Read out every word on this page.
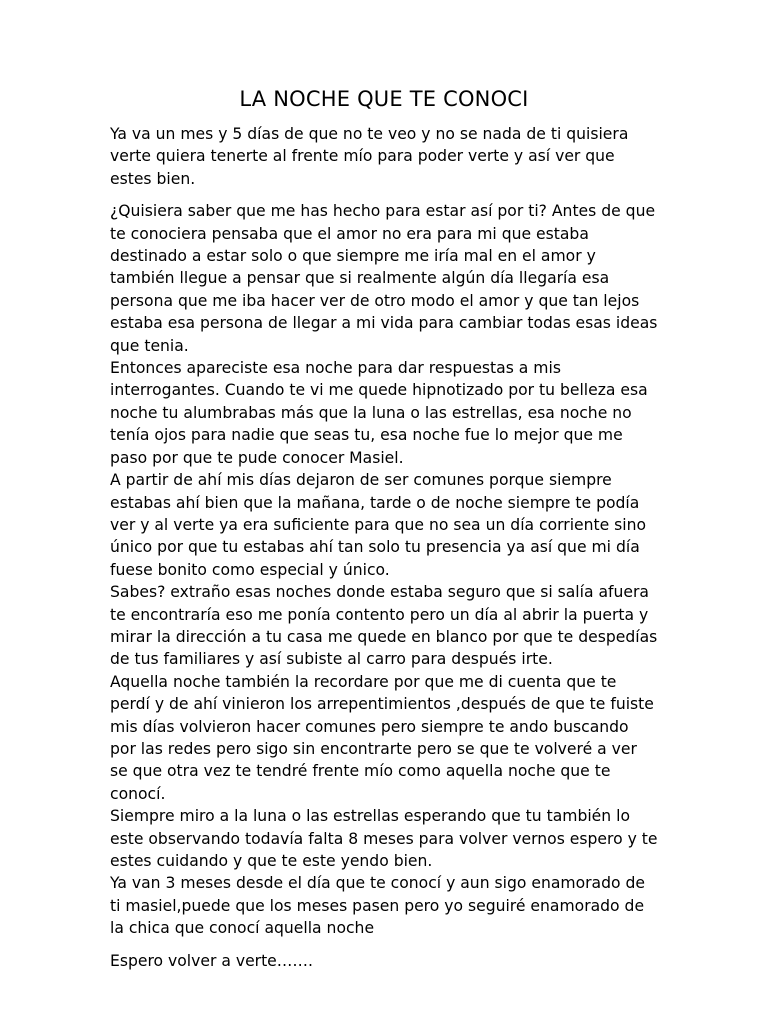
LA NOCHE QUE TE CONOCI

Ya va un mes y 5 días de que no te veo y no se nada de ti quisiera verte quiera tenerte al frente mío para poder verte y así ver que estes bien.

¿Quisiera saber que me has hecho para estar así por ti? Antes de que te conociera pensaba que el amor no era para mi que estaba destinado a estar solo o que siempre me iría mal en el amor y también llegue a pensar que si realmente algún día llegaría esa persona que me iba hacer ver de otro modo el amor y que tan lejos estaba esa persona de llegar a mi vida para cambiar todas esas ideas que tenia.

Entonces apareciste esa noche para dar respuestas a mis interrogantes. Cuando te vi me quede hipnotizado por tu belleza esa noche tu alumbrabas más que la luna o las estrellas, esa noche no tenía ojos para nadie que seas tu, esa noche fue lo mejor que me paso por que te pude conocer Masiel.

A partir de ahí mis días dejaron de ser comunes porque siempre estabas ahí bien que la mañana, tarde o de noche siempre te podía ver y al verte ya era suficiente para que no sea un día corriente sino único por que tu estabas ahí tan solo tu presencia ya así que mi día fuese bonito como especial y único.

Sabes? extraño esas noches donde estaba seguro que si salía afuera te encontraría eso me ponía contento pero un día al abrir la puerta y mirar la dirección a tu casa me quede en blanco por que te despedías de tus familiares y así subiste al carro para después irte.

Aquella noche también la recordare por que me di cuenta que te perdí y de ahí vinieron los arrepentimientos ,después de que te fuiste mis días volvieron hacer comunes pero siempre te ando buscando por las redes pero sigo sin encontrarte pero se que te volveré a ver se que otra vez te tendré frente mío como aquella noche que te conocí.

Siempre miro a la luna o las estrellas esperando que tu también lo este observando todavía falta 8 meses para volver vernos espero y te estes cuidando y que te este yendo bien.

Ya van 3 meses desde el día que te conocí y aun sigo enamorado de ti masiel,puede que los meses pasen pero yo seguiré enamorado de la chica que conocí aquella noche

Espero volver a verte…….
